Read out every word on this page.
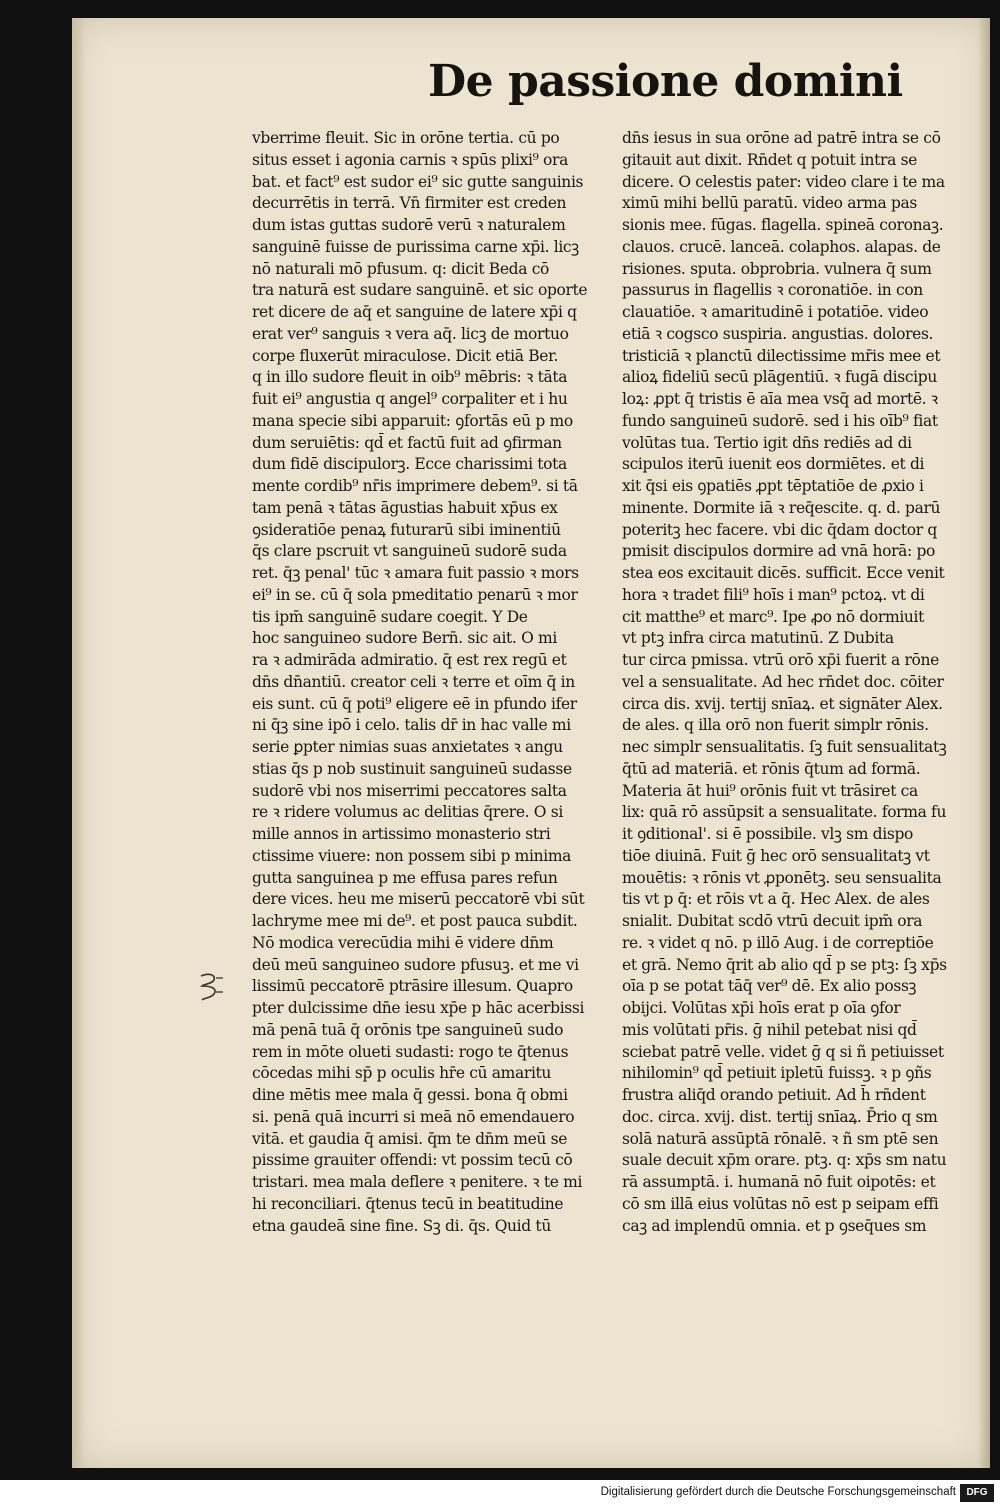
De passione domini
vberrime fleuit. Sic in orōne tertia. cū po
situs esset i agonia carnis ꝛ spūs plixi⁹ ora
bat. et fact⁹ est sudor ei⁹ sic gutte sanguinis
decurrētis in terrā. Vn̄ firmiter est creden
dum istas guttas sudorē verū ꝛ naturalem
sanguinē fuisse de purissima carne xp̄i. licꝫ
nō naturali mō pfusum. q: dicit Beda cō
tra naturā est sudare sanguinē. et sic oporte
ret dicere de aq̄ et sanguine de latere xp̄i q
erat ver⁹ sanguis ꝛ vera aq̄. licꝫ de mortuo
corpe fluxerūt miraculose. Dicit etiā Ber.
q in illo sudore fleuit in oib⁹ mēbris: ꝛ tāta
fuit ei⁹ angustia q angel⁹ corpaliter et i hu
mana specie sibi apparuit: ꝯfortās eū p mo
dum seruiētis: qd̄ et factū fuit ad ꝯfirman
dum fidē discipulorꝫ. Ecce charissimi tota
mente cordib⁹ nr̄is imprimere debem⁹. si tā
tam penā ꝛ tātas āgustias habuit xp̄us ex
ꝯsideratiōe penaꝝ futurarū sibi iminentiū
q̄s clare pscruit vt sanguineū sudorē suda
ret. q̄ꝫ penal' tūc ꝛ amara fuit passio ꝛ mors
ei⁹ in se. cū q̄ sola pmeditatio penarū ꝛ mor
tis ipm̄ sanguinē sudare coegit. Y De
hoc sanguineo sudore Bern̄. sic ait. O mi
ra ꝛ admirāda admiratio. q̄ est rex regū et
dn̄s dn̄antiū. creator celi ꝛ terre et oīm q̄ in
eis sunt. cū q̄ poti⁹ eligere eē in pfundo ifer
ni q̄ꝫ sine ipō i celo. talis dr̄ in hac valle mi
serie ꝑpter nimias suas anxietates ꝛ angu
stias q̄s p nob sustinuit sanguineū sudasse
sudorē vbi nos miserrimi peccatores salta
re ꝛ ridere volumus ac delitias q̄rere. O si
mille annos in artissimo monasterio stri
ctissime viuere: non possem sibi p minima
gutta sanguinea p me effusa pares refun
dere vices. heu me miserū peccatorē vbi sūt
lachryme mee mi de⁹. et post pauca subdit.
Nō modica verecūdia mihi ē videre dn̄m
deū meū sanguineo sudore pfusuꝫ. et me vi
lissimū peccatorē ptrāsire illesum. Quapro
pter dulcissime dn̄e iesu xp̄e p hāc acerbissi
mā penā tuā q̄ orōnis tpe sanguineū sudo
rem in mōte olueti sudasti: rogo te q̄tenus
cōcedas mihi sp̄ p oculis hr̄e cū amaritu
dine mētis mee mala q̄ gessi. bona q̄ obmi
si. penā quā incurri si meā nō emendauero
vitā. et gaudia q̄ amisi. q̄m te dn̄m meū se
pissime grauiter offendi: vt possim tecū cō
tristari. mea mala deflere ꝛ penitere. ꝛ te mi
hi reconciliari. q̄tenus tecū in beatitudine
etna gaudeā sine fine. Sꝫ di. q̄s. Quid tū
dn̄s iesus in sua orōne ad patrē intra se cō
gitauit aut dixit. Rn̄det q potuit intra se
dicere. O celestis pater: video clare i te ma
ximū mihi bellū paratū. video arma pas
sionis mee. fūgas. flagella. spineā coronaꝫ.
clauos. crucē. lanceā. colaphos. alapas. de
risiones. sputa. obprobria. vulnera q̄ sum
passurus in flagellis ꝛ coronatiōe. in con
clauatiōe. ꝛ amaritudinē i potatiōe. video
etiā ꝛ cogsco suspiria. angustias. dolores.
tristiciā ꝛ planctū dilectissime mr̄is mee et
alioꝝ fideliū secū plāgentiū. ꝛ fugā discipu
loꝝ: ꝓpt q̄ tristis ē aīa mea vsq̄ ad mortē. ꝛ
fundo sanguineū sudorē. sed i his oīb⁹ fiat
volūtas tua. Tertio igit dn̄s rediēs ad di
scipulos iterū iuenit eos dormiētes. et di
xit q̄si eis ꝯpatiēs ꝓpt tēptatiōe de ꝓxio i
minente. Dormite iā ꝛ req̄escite. q. d. parū
poteritꝫ hec facere. vbi dic q̄dam doctor q
pmisit discipulos dormire ad vnā horā: po
stea eos excitauit dicēs. sufficit. Ecce venit
hora ꝛ tradet fili⁹ hoīs i man⁹ pctoꝝ. vt di
cit matthe⁹ et marc⁹. Ipe ꝓo nō dormiuit
vt ptꝫ infra circa matutinū. Z Dubita
tur circa pmissa. vtrū orō xp̄i fuerit a rōne
vel a sensualitate. Ad hec rn̄det doc. cōiter
circa dis. xvij. tertij snīaꝝ. et signāter Alex.
de ales. q illa orō non fuerit simplr rōnis.
nec simplr sensualitatis. ſꝫ fuit sensualitatꝫ
q̄tū ad materiā. et rōnis q̄tum ad formā.
Materia āt hui⁹ orōnis fuit vt trāsiret ca
lix: quā rō assūpsit a sensualitate. forma fu
it ꝯditional'. si ē possibile. vlꝫ sm dispo
tiōe diuinā. Fuit ḡ hec orō sensualitatꝫ vt
mouētis: ꝛ rōnis vt ꝓponētꝫ. seu sensualita
tis vt p q̄: et rōis vt a q̄. Hec Alex. de ales
snialit. Dubitat scdō vtrū decuit ipm̄ ora
re. ꝛ videt q nō. p illō Aug. i de correptiōe
et grā. Nemo q̄rit ab alio qd̄ p se ptꝫ: ſꝫ xp̄s
oīa p se potat tāq̄ ver⁹ dē. Ex alio possꝫ
obijci. Volūtas xp̄i hoīs erat p oīa ꝯfor
mis volūtati pr̄is. ḡ nihil petebat nisi qd̄
sciebat patrē velle. videt ḡ q si ñ petiuisset
nihilomin⁹ qd̄ petiuit ipletū fuissꝫ. ꝛ p ꝯñs
frustra aliq̄d orando petiuit. Ad h̄ rn̄dent
doc. circa. xvij. dist. tertij snīaꝝ. P̄rio q sm
solā naturā assūptā rōnalē. ꝛ ñ sm ptē sen
suale decuit xp̄m orare. ptꝫ. q: xp̄s sm natu
rā assumptā. i. humanā nō fuit oipotēs: et
cō sm illā eius volūtas nō est p seipam effi
caꝫ ad implendū omnia. et p ꝯseq̄ues sm
Digitalisierung gefördert durch die Deutsche Forschungsgemeinschaft	DFG
